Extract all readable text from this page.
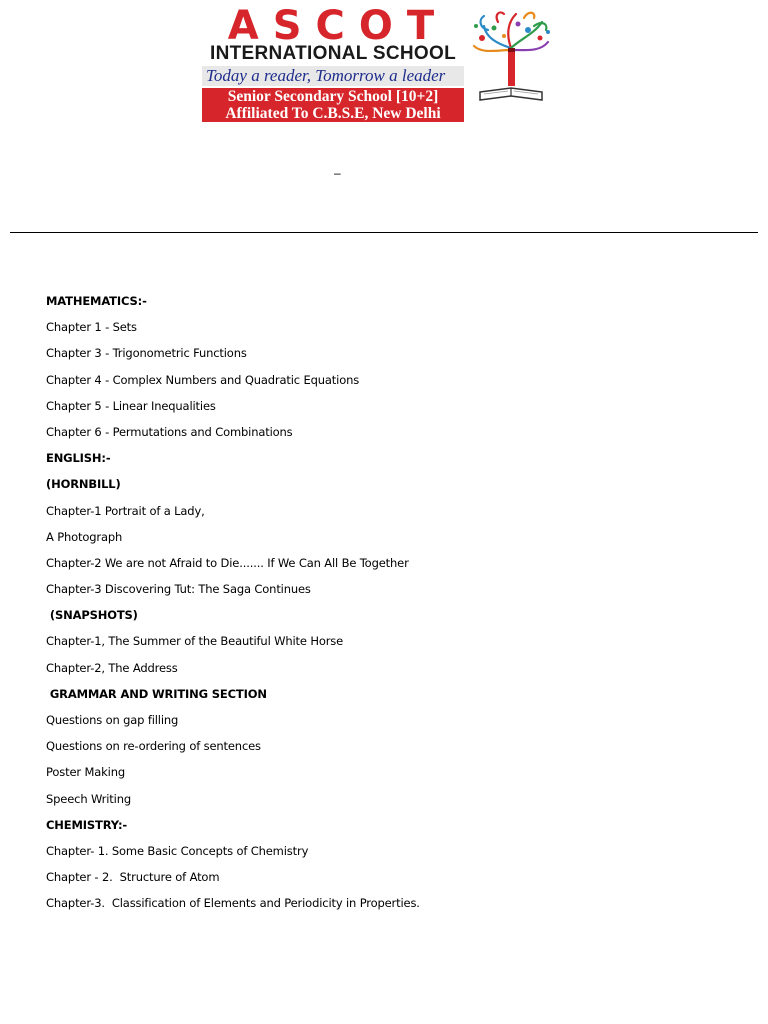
ASCOT
INTERNATIONAL SCHOOL
Today a reader, Tomorrow a leader
Senior Secondary School [10+2]
Affiliated To C.B.S.E, New Delhi
–
MATHEMATICS:-
Chapter 1 - Sets
Chapter 3 - Trigonometric Functions
Chapter 4 - Complex Numbers and Quadratic Equations
Chapter 5 - Linear Inequalities
Chapter 6 - Permutations and Combinations
ENGLISH:-
(HORNBILL)
Chapter-1 Portrait of a Lady,
A Photograph
Chapter-2 We are not Afraid to Die....... If We Can All Be Together
Chapter-3 Discovering Tut: The Saga Continues
(SNAPSHOTS)
Chapter-1, The Summer of the Beautiful White Horse
Chapter-2, The Address
GRAMMAR AND WRITING SECTION
Questions on gap filling
Questions on re-ordering of sentences
Poster Making
Speech Writing
CHEMISTRY:-
Chapter- 1. Some Basic Concepts of Chemistry
Chapter - 2.  Structure of Atom
Chapter-3.  Classification of Elements and Periodicity in Properties.
